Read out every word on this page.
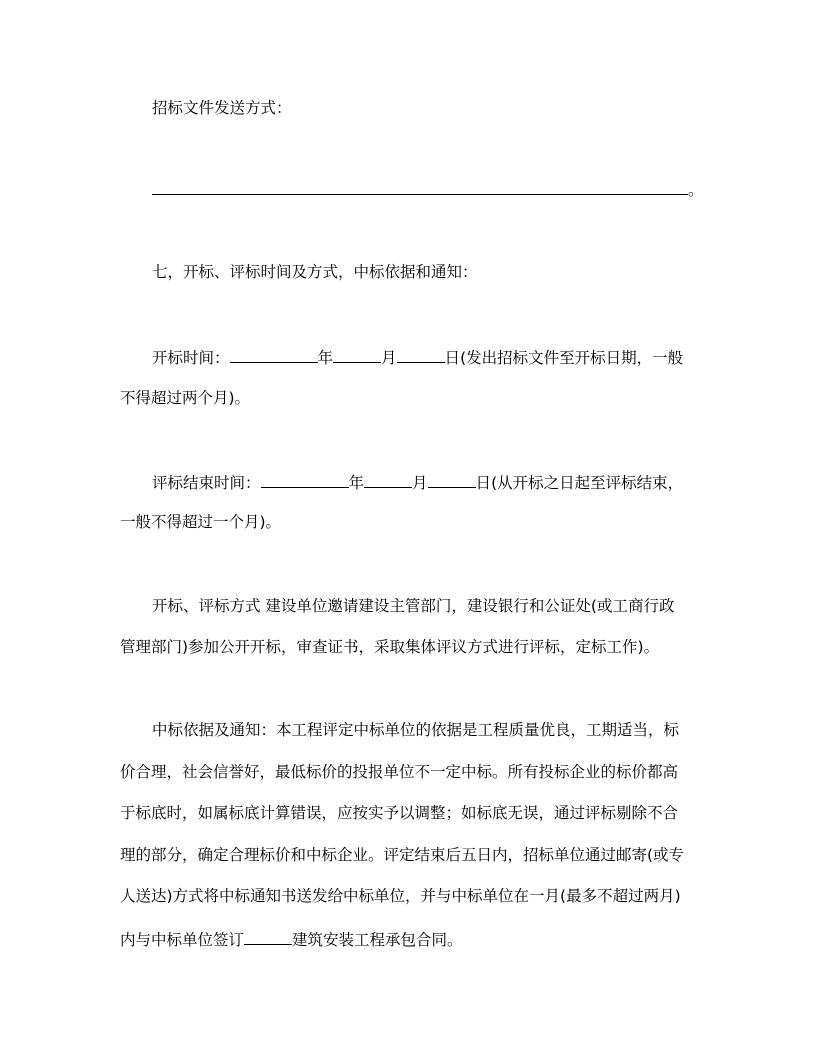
招标文件发送方式：
。
七，开标、评标时间及方式，中标依据和通知：
开标时间：	年	月	日(发出招标文件至开标日期，一般
不得超过两个月)。
评标结束时间：	年	月	日(从开标之日起至评标结束，
一般不得超过一个月)。
开标、评标方式 建设单位邀请建设主管部门，建设银行和公证处(或工商行政
管理部门)参加公开开标，审查证书，采取集体评议方式进行评标，定标工作)。
中标依据及通知：本工程评定中标单位的依据是工程质量优良，工期适当，标
价合理，社会信誉好，最低标价的投报单位不一定中标。所有投标企业的标价都高
于标底时，如属标底计算错误，应按实予以调整；如标底无误，通过评标剔除不合
理的部分，确定合理标价和中标企业。评定结束后五日内，招标单位通过邮寄(或专
人送达)方式将中标通知书送发给中标单位，并与中标单位在一月(最多不超过两月)
内与中标单位签订	建筑安装工程承包合同。
